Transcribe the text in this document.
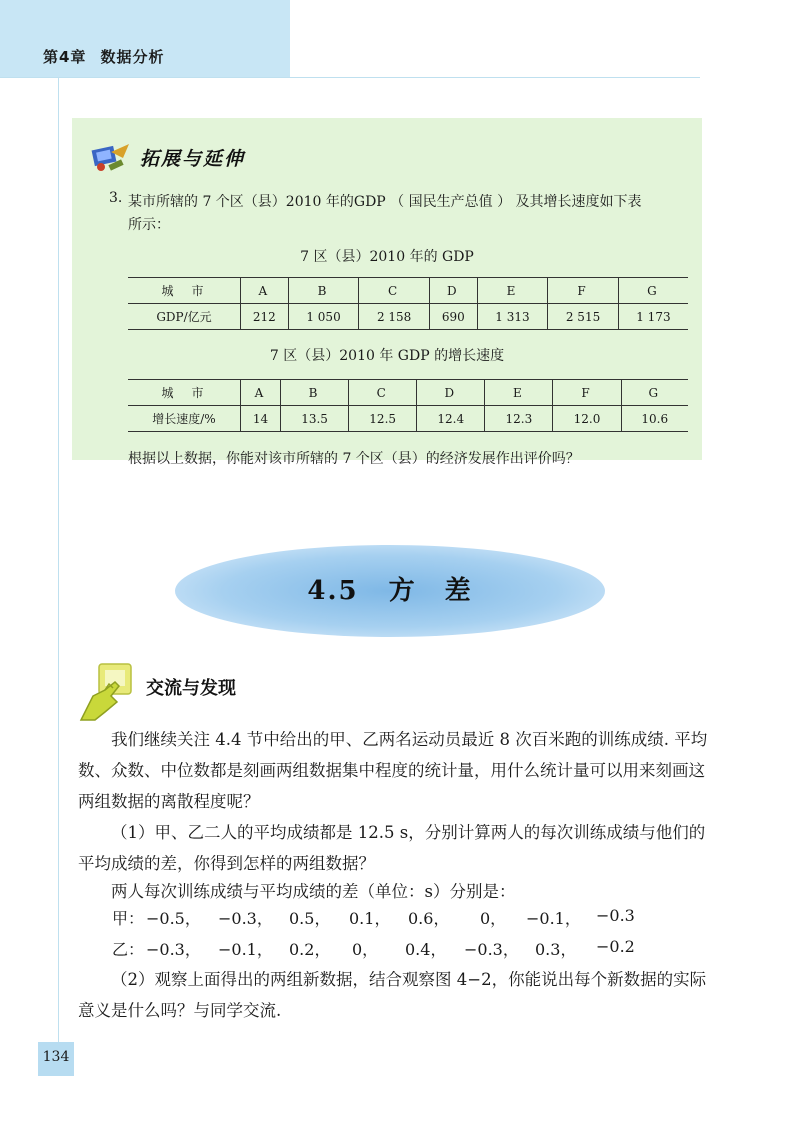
第4章 数据分析
拓展与延伸
3. 某市所辖的 7 个区（县）2010 年的GDP （ 国民生产总值 ） 及其增长速度如下表
所示：
7 区（县）2010 年的 GDP
城　市	A	B	C	D	E	F	G
GDP/亿元	212	1 050	2 158	690	1 313	2 515	1 173
7 区（县）2010 年 GDP 的增长速度
城　市	A	B	C	D	E	F	G
增长速度/%	14	13.5	12.5	12.4	12.3	12.0	10.6
根据以上数据，你能对该市所辖的 7 个区（县）的经济发展作出评价吗？
4.5 方　差
交流与发现
我们继续关注 4.4 节中给出的甲、乙两名运动员最近 8 次百米跑的训练成绩. 平均数、众数、中位数都是刻画两组数据集中程度的统计量，用什么统计量可以用来刻画这两组数据的离散程度呢？
（1）甲、乙二人的平均成绩都是 12.5 s，分别计算两人的每次训练成绩与他们的平均成绩的差，你得到怎样的两组数据？
两人每次训练成绩与平均成绩的差（单位：s）分别是：
甲： −0.5， −0.3， 0.5， 0.1， 0.6， 0， −0.1， −0.3
乙： −0.3， −0.1， 0.2， 0， 0.4， −0.3， 0.3， −0.2
（2）观察上面得出的两组新数据，结合观察图 4−2，你能说出每个新数据的实际意义是什么吗？与同学交流.
134
